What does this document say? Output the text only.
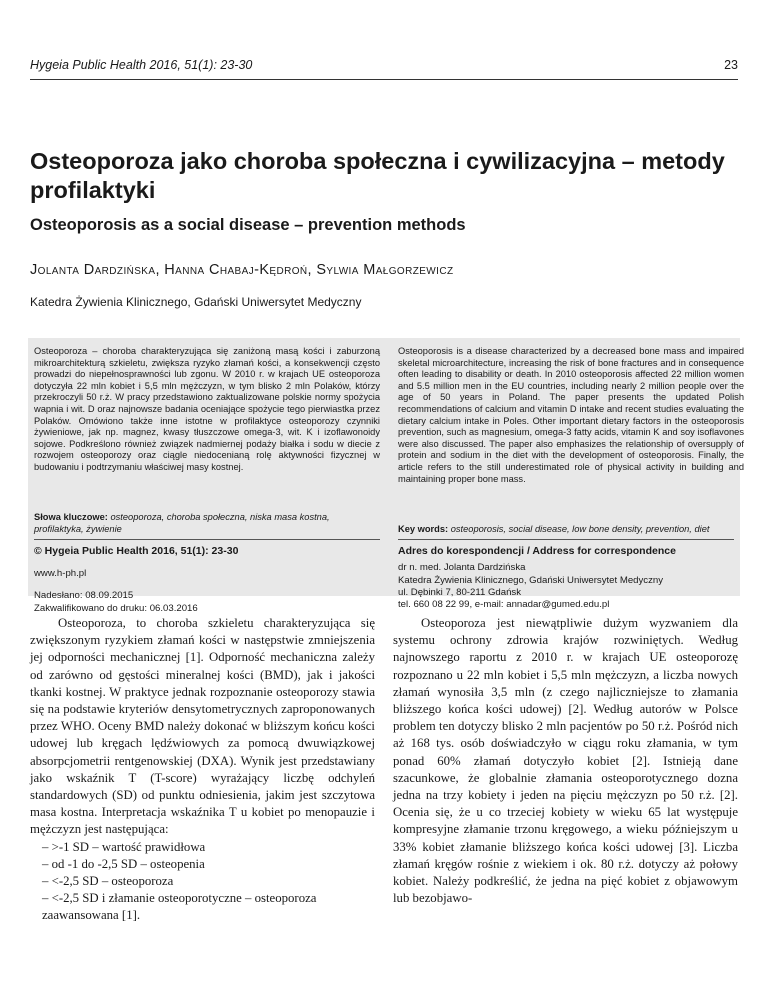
Hygeia Public Health 2016, 51(1): 23-30	23
Osteoporoza jako choroba społeczna i cywilizacyjna – metody profilaktyki
Osteoporosis as a social disease – prevention methods
Jolanta Dardzińska, Hanna Chabaj-Kędroń, Sylwia Małgorzewicz
Katedra Żywienia Klinicznego, Gdański Uniwersytet Medyczny
Osteoporoza – choroba charakteryzująca się zaniżoną masą kości i zaburzoną mikroarchitekturą szkieletu, zwiększa ryzyko złamań kości, a konsekwencji często prowadzi do niepełnosprawności lub zgonu. W 2010 r. w krajach UE osteoporoza dotyczyła 22 mln kobiet i 5,5 mln mężczyzn, w tym blisko 2 mln Polaków, którzy przekroczyli 50 r.ż. W pracy przedstawiono zaktualizowane polskie normy spożycia wapnia i wit. D oraz najnowsze badania oceniające spożycie tego pierwiastka przez Polaków. Omówiono także inne istotne w profilaktyce osteoporozy czynniki żywieniowe, jak np. magnez, kwasy tłuszczowe omega-3, wit. K i izoflawonoidy sojowe. Podkreślono również związek nadmiernej podaży białka i sodu w diecie z rozwojem osteoporozy oraz ciągle niedocenianą rolę aktywności fizycznej w budowaniu i podtrzymaniu właściwej masy kostnej.
Osteoporosis is a disease characterized by a decreased bone mass and impaired skeletal microarchitecture, increasing the risk of bone fractures and in consequence often leading to disability or death. In 2010 osteoporosis affected 22 million women and 5.5 million men in the EU countries, including nearly 2 million people over the age of 50 years in Poland. The paper presents the updated Polish recommendations of calcium and vitamin D intake and recent studies evaluating the dietary calcium intake in Poles. Other important dietary factors in the osteoporosis prevention, such as magnesium, omega-3 fatty acids, vitamin K and soy isoflavones were also discussed. The paper also emphasizes the relationship of oversupply of protein and sodium in the diet with the development of osteoporosis. Finally, the article refers to the still underestimated role of physical activity in building and maintaining proper bone mass.
Słowa kluczowe: osteoporoza, choroba społeczna, niska masa kostna, profilaktyka, żywienie	Key words: osteoporosis, social disease, low bone density, prevention, diet
© Hygeia Public Health 2016, 51(1): 23-30
www.h-ph.pl
Nadesłano: 08.09.2015
Zakwalifikowano do druku: 06.03.2016
Adres do korespondencji / Address for correspondence
dr n. med. Jolanta Dardzińska
Katedra Żywienia Klinicznego, Gdański Uniwersytet Medyczny
ul. Dębinki 7, 80-211 Gdańsk
tel. 660 08 22 99, e-mail: annadar@gumed.edu.pl

Osteoporoza, to choroba szkieletu charakteryzująca się zwiększonym ryzykiem złamań kości w następstwie zmniejszenia jej odporności mechanicznej [1]. Odporność mechaniczna zależy od zarówno od gęstości mineralnej kości (BMD), jak i jakości tkanki kostnej. W praktyce jednak rozpoznanie osteoporozy stawia się na podstawie kryteriów densytometrycznych zaproponowanych przez WHO. Oceny BMD należy dokonać w bliższym końcu kości udowej lub kręgach lędźwiowych za pomocą dwuwiązkowej absorpcjometrii rentgenowskiej (DXA). Wynik jest przedstawiany jako wskaźnik T (T-score) wyrażający liczbę odchyleń standardowych (SD) od punktu odniesienia, jakim jest szczytowa masa kostna. Interpretacja wskaźnika T u kobiet po menopauzie i mężczyzn jest następująca:

– >-1 SD – wartość prawidłowa
– od -1 do -2,5 SD – osteopenia
– <-2,5 SD – osteoporoza
– <-2,5 SD i złamanie osteoporotyczne – osteoporoza zaawansowana [1].

Osteoporoza jest niewątpliwie dużym wyzwaniem dla systemu ochrony zdrowia krajów rozwiniętych. Według najnowszego raportu z 2010 r. w krajach UE osteoporozę rozpoznano u 22 mln kobiet i 5,5 mln mężczyzn, a liczba nowych złamań wynosiła 3,5 mln (z czego najliczniejsze to złamania bliższego końca kości udowej) [2]. Według autorów w Polsce problem ten dotyczy blisko 2 mln pacjentów po 50 r.ż. Pośród nich aż 168 tys. osób doświadczyło w ciągu roku złamania, w tym ponad 60% złamań dotyczyło kobiet [2]. Istnieją dane szacunkowe, że globalnie złamania osteoporotycznego dozna jedna na trzy kobiety i jeden na pięciu mężczyzn po 50 r.ż. [2]. Ocenia się, że u co trzeciej kobiety w wieku 65 lat występuje kompresyjne złamanie trzonu kręgowego, a wieku późniejszym u 33% kobiet złamanie bliższego końca kości udowej [3]. Liczba złamań kręgów rośnie z wiekiem i ok. 80 r.ż. dotyczy aż połowy kobiet. Należy podkreślić, że jedna na pięć kobiet z objawowym lub bezobjawo-
